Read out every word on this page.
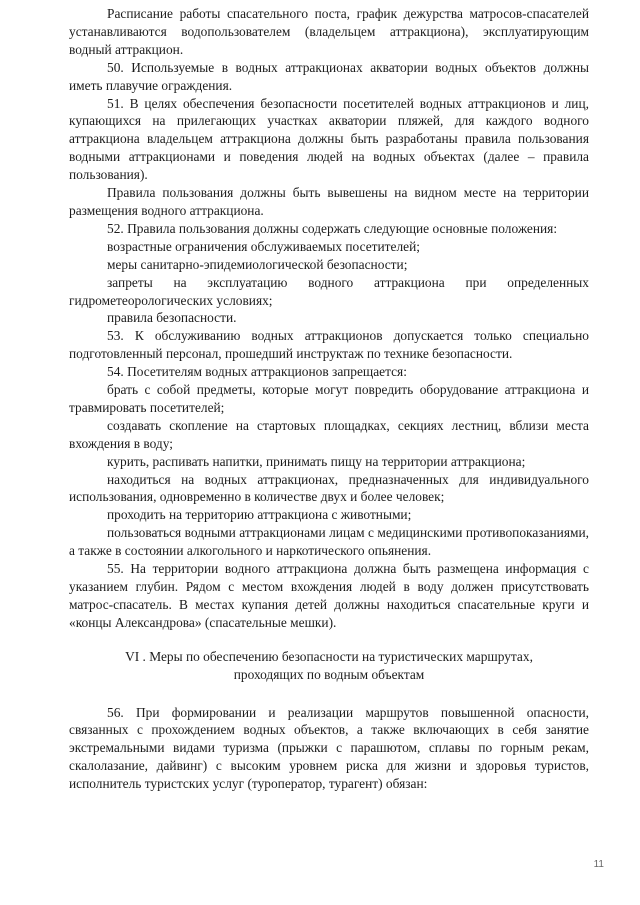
Расписание работы спасательного поста, график дежурства матросов-спасателей устанавливаются водопользователем (владельцем аттракциона), эксплуатирующим водный аттракцион.

50. Используемые в водных аттракционах акватории водных объектов должны иметь плавучие ограждения.

51. В целях обеспечения безопасности посетителей водных аттракционов и лиц, купающихся на прилегающих участках акватории пляжей, для каждого водного аттракциона владельцем аттракциона должны быть разработаны правила пользования водными аттракционами и поведения людей на водных объектах (далее – правила пользования).

Правила пользования должны быть вывешены на видном месте на территории размещения водного аттракциона.

52. Правила пользования должны содержать следующие основные положения:

возрастные ограничения обслуживаемых посетителей;

меры санитарно-эпидемиологической безопасности;

запреты на эксплуатацию водного аттракциона при определенных гидрометеорологических условиях;

правила безопасности.

53. К обслуживанию водных аттракционов допускается только специально подготовленный персонал, прошедший инструктаж по технике безопасности.

54. Посетителям водных аттракционов запрещается:

брать с собой предметы, которые могут повредить оборудование аттракциона и травмировать посетителей;

создавать скопление на стартовых площадках, секциях лестниц, вблизи места вхождения в воду;

курить, распивать напитки, принимать пищу на территории аттракциона;

находиться на водных аттракционах, предназначенных для индивидуального использования, одновременно в количестве двух и более человек;

проходить на территорию аттракциона с животными;

пользоваться водными аттракционами лицам с медицинскими противопоказаниями, а также в состоянии алкогольного и наркотического опьянения.

55. На территории водного аттракциона должна быть размещена информация с указанием глубин. Рядом с местом вхождения людей в воду должен присутствовать матрос-спасатель. В местах купания детей должны находиться спасательные круги и «концы Александрова» (спасательные мешки).

VI . Меры по обеспечению безопасности на туристических маршрутах,

проходящих по водным объектам

56. При формировании и реализации маршрутов повышенной опасности, связанных с прохождением водных объектов, а также включающих в себя занятие экстремальными видами туризма (прыжки с парашютом, сплавы по горным рекам, скалолазание, дайвинг) с высоким уровнем риска для жизни и здоровья туристов, исполнитель туристских услуг (туроператор, турагент) обязан:

11
